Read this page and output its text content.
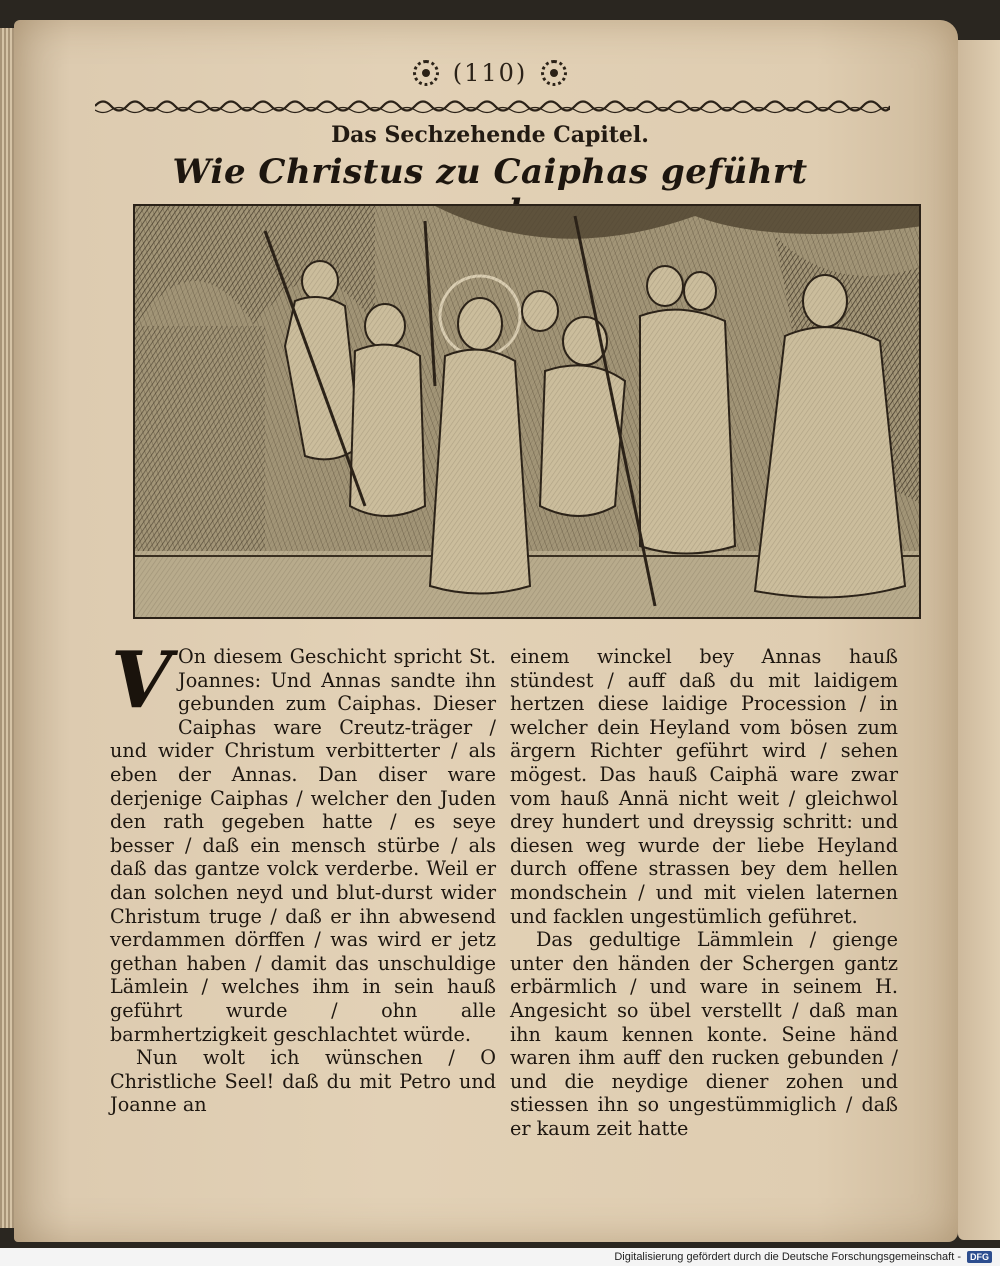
(110)
Das Sechzehende Capitel.
Wie Christus zu Caiphas geführt
V On diesem Geschicht spricht St. Joannes: Und Annas sandte ihn gebunden zum Caiphas. Dieser Caiphas ware Creutz-träger / und wider Christum verbitterter / als eben der Annas. Dan diser ware derjenige Caiphas / welcher den Juden den rath gegeben hatte / es seye besser / daß ein mensch stürbe / als daß das gantze volck verderbe. Weil er dan solchen neyd und blut-durst wider Christum truge / daß er ihn abwesend verdammen dörffen / was wird er jetz gethan haben / damit das unschuldige Lämlein / welches ihm in sein hauß geführt wurde / ohn alle barmhertzigkeit geschlachtet würde.

Nun wolt ich wünschen / O Christliche Seel! daß du mit Petro und Joanne an

einem winckel bey Annas hauß stündest / auff daß du mit laidigem hertzen diese laidige Procession / in welcher dein Heyland vom bösen zum ärgern Richter geführt wird / sehen mögest. Das hauß Caiphä ware zwar vom hauß Annä nicht weit / gleichwol drey hundert und dreyssig schritt: und diesen weg wurde der liebe Heyland durch offene strassen bey dem hellen mondschein / und mit vielen laternen und facklen ungestümlich geführet.

Das gedultige Lämmlein / gienge unter den händen der Schergen gantz erbärmlich / und ware in seinem H. Angesicht so übel verstellt / daß man ihn kaum kennen konte. Seine händ waren ihm auff den rucken gebunden / und die neydige diener zohen und stiessen ihn so ungestümmiglich / daß er kaum zeit hatte

Digitalisierung gefördert durch die Deutsche Forschungsgemeinschaft -	DFG
